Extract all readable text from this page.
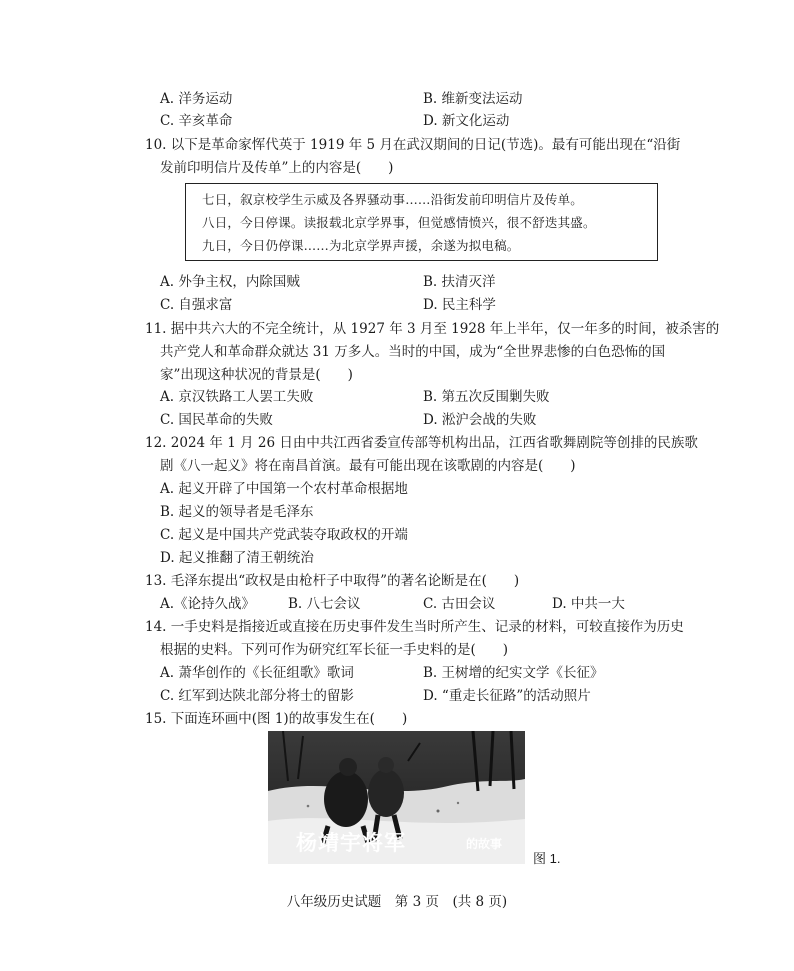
A. 洋务运动	B. 维新变法运动
C. 辛亥革命	D. 新文化运动
10. 以下是革命家恽代英于 1919 年 5 月在武汉期间的日记(节选)。最有可能出现在“沿街
发前印明信片及传单”上的内容是(　　)
七日，叙京校学生示威及各界骚动事……沿街发前印明信片及传单。
八日，今日停课。读报载北京学界事，但觉感情愤兴，很不舒迭其盛。
九日，今日仍停课……为北京学界声援，余遂为拟电稿。
A. 外争主权，内除国贼	B. 扶清灭洋
C. 自强求富	D. 民主科学
11. 据中共六大的不完全统计，从 1927 年 3 月至 1928 年上半年，仅一年多的时间，被杀害的
共产党人和革命群众就达 31 万多人。当时的中国，成为“全世界悲惨的白色恐怖的国
家”出现这种状况的背景是(　　)
A. 京汉铁路工人罢工失败	B. 第五次反围剿失败
C. 国民革命的失败	D. 淞沪会战的失败
12. 2024 年 1 月 26 日由中共江西省委宣传部等机构出品，江西省歌舞剧院等创排的民族歌
剧《八一起义》将在南昌首演。最有可能出现在该歌剧的内容是(　　)
A. 起义开辟了中国第一个农村革命根据地
B. 起义的领导者是毛泽东
C. 起义是中国共产党武装夺取政权的开端
D. 起义推翻了清王朝统治
13. 毛泽东提出“政权是由枪杆子中取得”的著名论断是在(　　)
A.《论持久战》 B. 八七会议	C. 古田会议	D. 中共一大
14. 一手史料是指接近或直接在历史事件发生当时所产生、记录的材料，可较直接作为历史
根据的史料。下列可作为研究红军长征一手史料的是(　　)
A. 萧华创作的《长征组歌》歌词	B. 王树增的纪实文学《长征》
C. 红军到达陕北部分将士的留影	D. “重走长征路”的活动照片
15. 下面连环画中(图 1)的故事发生在(　　)
杨靖宇将军	的故事
图 1.
八年级历史试题　第 3 页　(共 8 页)
